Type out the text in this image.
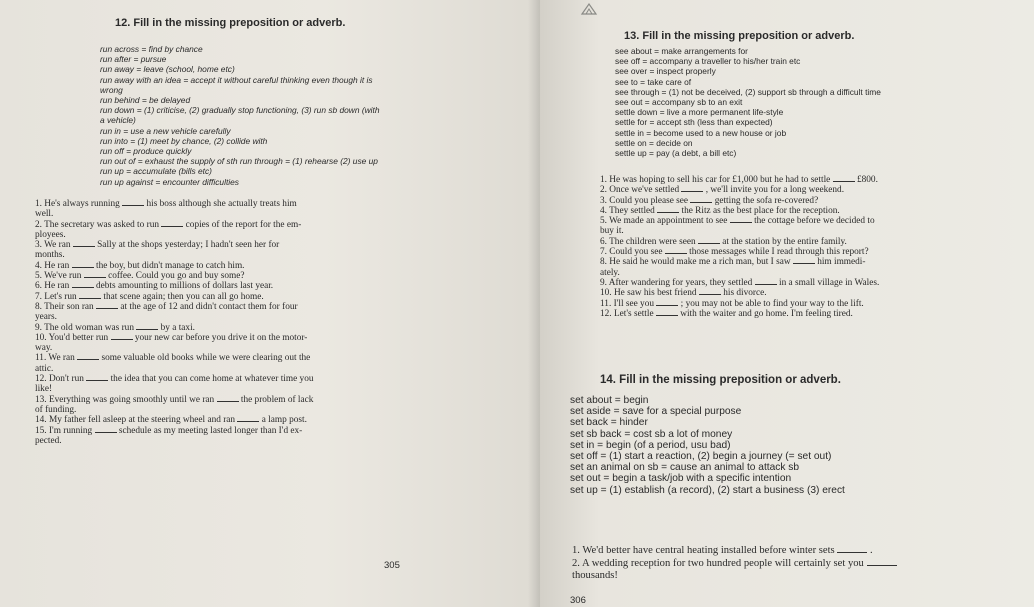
12. Fill in the missing preposition or adverb.
run across = find by chance
run after = pursue
run away = leave (school, home etc)
run away with an idea = accept it without careful thinking even though it is
wrong
run behind = be delayed
run down = (1) criticise, (2) gradually stop functioning, (3) run sb down (with
a vehicle)
run in = use a new vehicle carefully
run into = (1) meet by chance, (2) collide with
run off = produce quickly
run out of = exhaust the supply of sth run through = (1) rehearse (2) use up
run up = accumulate (bills etc)
run up against = encounter difficulties
1. He's always running	his boss although she actually treats him
well.
2. The secretary was asked to run	copies of the report for the em-
ployees.
3. We ran	Sally at the shops yesterday; I hadn't seen her for
months.
4. He ran	the boy, but didn't manage to catch him.
5. We've run	coffee. Could you go and buy some?
6. He ran	debts amounting to millions of dollars last year.
7. Let's run	that scene again; then you can all go home.
8. Their son ran	at the age of 12 and didn't contact them for four
years.
9. The old woman was run	by a taxi.
10. You'd better run	your new car before you drive it on the motor-
way.
11. We ran	some valuable old books while we were clearing out the
attic.
12. Don't run	the idea that you can come home at whatever time you
like!
13. Everything was going smoothly until we ran	the problem of lack
of funding.
14. My father fell asleep at the steering wheel and ran	a lamp post.
15. I'm running	schedule as my meeting lasted longer than I'd ex-
pected.
305
13. Fill in the missing preposition or adverb.
see about = make arrangements for
see off = accompany a traveller to his/her train etc
see over = inspect properly
see to = take care of
see through = (1) not be deceived, (2) support sb through a difficult time
see out = accompany sb to an exit
settle down = live a more permanent life-style
settle for = accept sth (less than expected)
settle in = become used to a new house or job
settle on = decide on
settle up = pay (a debt, a bill etc)
1. He was hoping to sell his car for £1,000 but he had to settle	£800.
2. Once we've settled	, we'll invite you for a long weekend.
3. Could you please see	getting the sofa re-covered?
4. They settled	the Ritz as the best place for the reception.
5. We made an appointment to see	the cottage before we decided to
buy it.
6. The children were seen	at the station by the entire family.
7. Could you see	those messages while I read through this report?
8. He said he would make me a rich man, but I saw	him immedi-
ately.
9. After wandering for years, they settled	in a small village in Wales.
10. He saw his best friend	his divorce.
11. I'll see you	; you may not be able to find your way to the lift.
12. Let's settle	with the waiter and go home. I'm feeling tired.
14. Fill in the missing preposition or adverb.
set about = begin
set aside = save for a special purpose
set back = hinder
set sb back = cost sb a lot of money
set in = begin (of a period, usu bad)
set off = (1) start a reaction, (2) begin a journey (= set out)
set an animal on sb = cause an animal to attack sb
set out = begin a task/job with a specific intention
set up = (1) establish (a record), (2) start a business (3) erect
1. We'd better have central heating installed before winter sets	.
2. A wedding reception for two hundred people will certainly set you
thousands!
306
